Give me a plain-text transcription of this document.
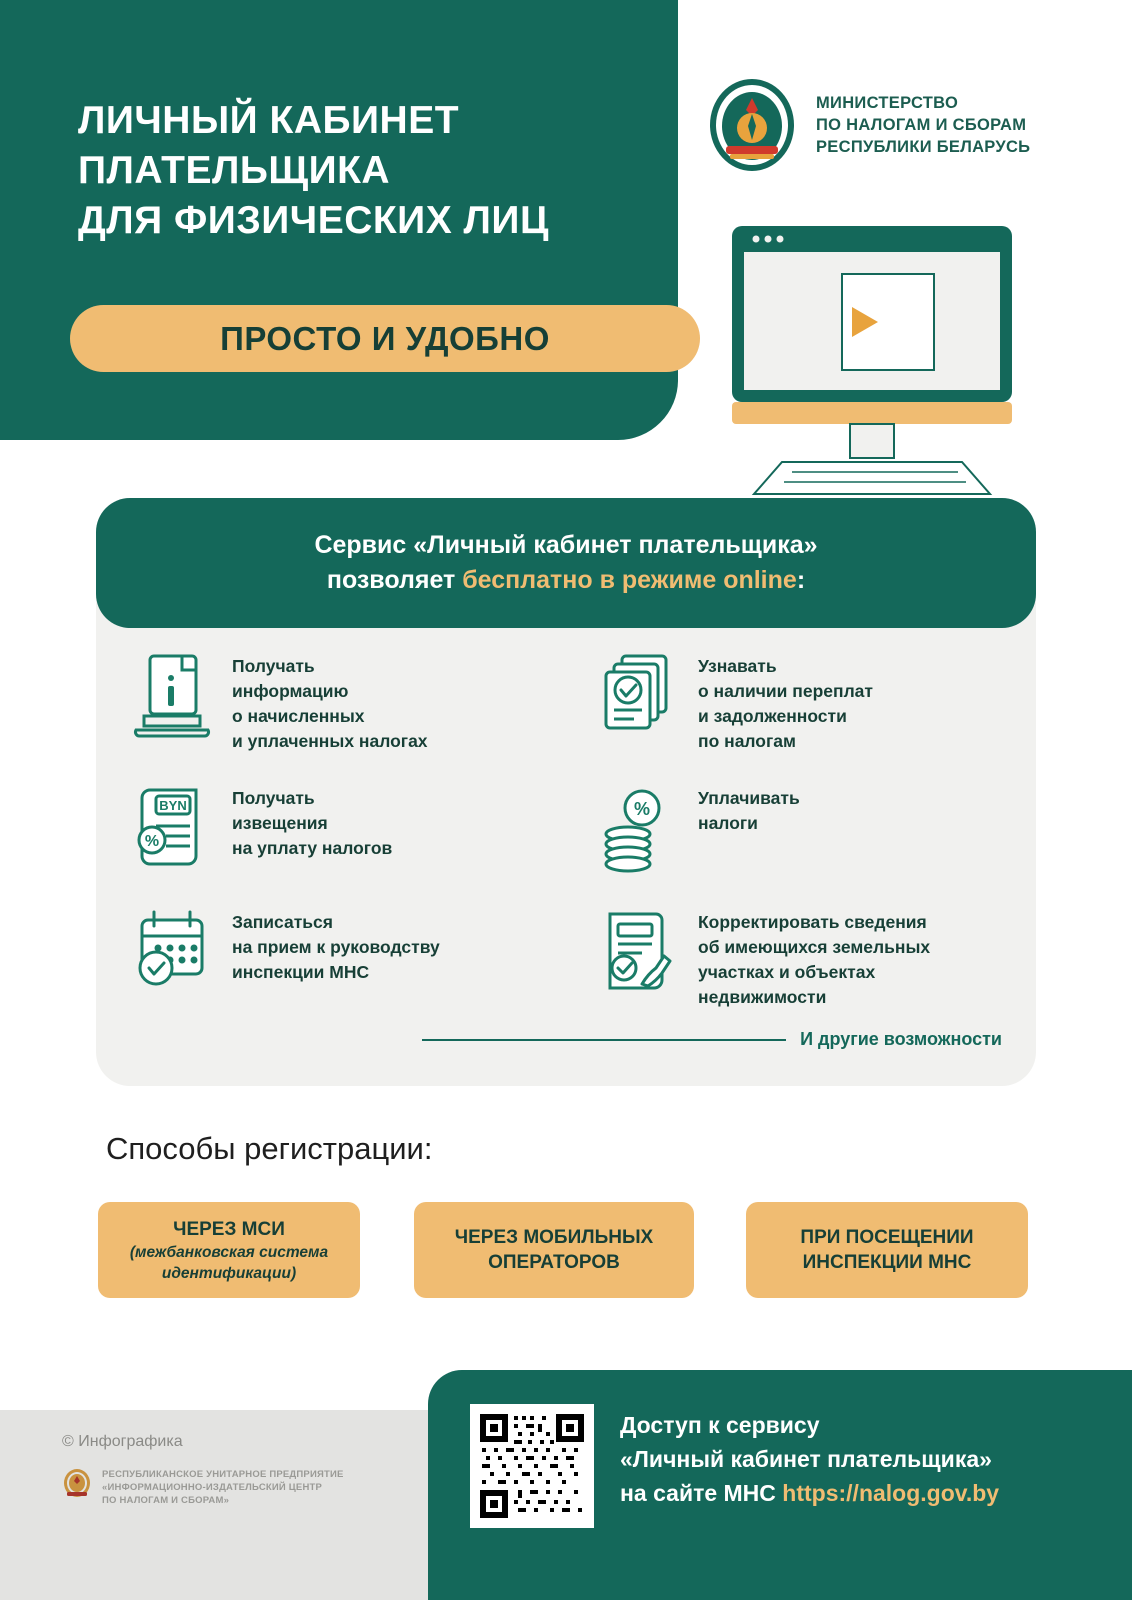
ЛИЧНЫЙ КАБИНЕТ
ПЛАТЕЛЬЩИКА
ДЛЯ ФИЗИЧЕСКИХ ЛИЦ
ПРОСТО И УДОБНО
МИНИСТЕРСТВО
ПО НАЛОГАМ И СБОРАМ
РЕСПУБЛИКИ БЕЛАРУСЬ
Сервис «Личный кабинет плательщика»
позволяет бесплатно в режиме online:
Получать
информацию
о начисленных
и уплаченных налогах
BYN
%
Получать
извещения
на уплату налогов
Записаться
на прием к руководству
инспекции МНС
Узнавать
о наличии переплат
и задолженности
по налогам
%
Уплачивать
налоги
Корректировать сведения
об имеющихся земельных
участках и объектах
недвижимости
И другие возможности
Способы регистрации:
ЧЕРЕЗ МСИ
(межбанковская система
идентификации)
ЧЕРЕЗ МОБИЛЬНЫХ
ОПЕРАТОРОВ
ПРИ ПОСЕЩЕНИИ
ИНСПЕКЦИИ МНС
Доступ к сервису
«Личный кабинет плательщика»
на сайте МНС https://nalog.gov.by
© Инфографика
РЕСПУБЛИКАНСКОЕ УНИТАРНОЕ ПРЕДПРИЯТИЕ
«ИНФОРМАЦИОННО-ИЗДАТЕЛЬСКИЙ ЦЕНТР
ПО НАЛОГАМ И СБОРАМ»
